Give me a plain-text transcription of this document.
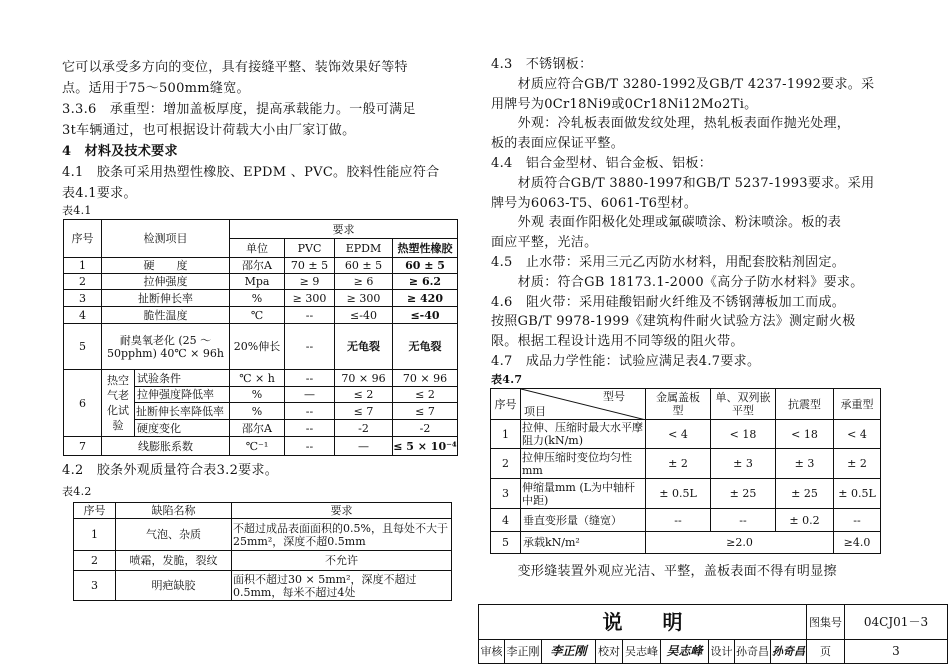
它可以承受多方向的变位，具有接缝平整、装饰效果好等特
点。适用于75～500mm缝宽。
3.3.6　承重型：增加盖板厚度，提高承载能力。一般可满足
3t车辆通过，也可根据设计荷载大小由厂家订做。
4　材料及技术要求
4.1　胶条可采用热塑性橡胶、EPDM 、PVC。胶料性能应符合
表4.1要求。
表4.1
序号	检测项目		要求			
			单位	PVC	EPDM	热塑性橡胶
1	硬　　度		邵尔A	70 ± 5	60 ± 5	60 ± 5
2	拉伸强度		Mpa	≥ 9	≥ 6	≥ 6.2
3	扯断伸长率		%	≥ 300	≥ 300	≥ 420
4	脆性温度		℃	--	≤-40	≤-40
5	耐臭氧老化 (25 ～ 50pphm) 40℃ × 96h		20%伸长	--	无龟裂	无龟裂
6	热空气老化试验	试验条件	℃ × h	--	70 × 96	70 × 96
		拉伸强度降低率	%	—	≤ 2	≤ 2
		扯断伸长率降低率	%	--	≤ 7	≤ 7
		硬度变化	邵尔A	--	-2	-2
7	线膨胀系数		℃⁻¹	--	—	≤ 5 × 10⁻⁴
4.2　胶条外观质量符合表3.2要求。
表4.2
序号	缺陷名称	要求
1	气泡、杂质	不超过成品表面面积的0.5%，且每处不大于25mm²，深度不超0.5mm
2	喷霜，发脆，裂纹	不允许
3	明疤缺胶	面积不超过30 × 5mm²，深度不超过0.5mm，每米不超过4处
4.3　不锈钢板：
　　材质应符合GB/T 3280-1992及GB/T 4237-1992要求。采
用牌号为0Cr18Ni9或0Cr18Ni12Mo2Ti。
　　外观：冷轧板表面做发纹处理，热轧板表面作抛光处理，
板的表面应保证平整。
4.4　铝合金型材、铝合金板、铝板：
　　材质符合GB/T 3880-1997和GB/T 5237-1993要求。采用
牌号为6063-T5、6061-T6型材。
　　外观 表面作阳极化处理或氟碳喷涂、粉沫喷涂。板的表
面应平整，光洁。
4.5　止水带：采用三元乙丙防水材料，用配套胶粘剂固定。
　　材质：符合GB 18173.1-2000《高分子防水材料》要求。
4.6　阻火带：采用硅酸铝耐火纤维及不锈钢薄板加工而成。
按照GB/T 9978-1999《建筑构件耐火试验方法》测定耐火极
限。根据工程设计选用不同等级的阻火带。
4.7　成品力学性能：试验应满足表4.7要求。
表4.7
序号	型号
项目	金属盖板型	单、双列嵌平型	抗震型	承重型
1	拉伸、压缩时最大水平摩阻力(kN/m)	< 4	< 18	< 18	< 4
2	拉伸压缩时变位均匀性mm	± 2	± 3	± 3	± 2
3	伸缩量mm (L为中轴杆中距)	± 0.5L	± 25	± 25	± 0.5L
4	垂直变形量（缝宽）	--	--	± 0.2	--
5	承载kN/m²	≥2.0			≥4.0
　　变形缝装置外观应光洁、平整，盖板表面不得有明显擦
说　　明	图集号	04CJ01－3
审核 李正刚 李正刚	校对 吴志峰 吴志峰 设计 孙奇昌 孙奇昌	页	3
